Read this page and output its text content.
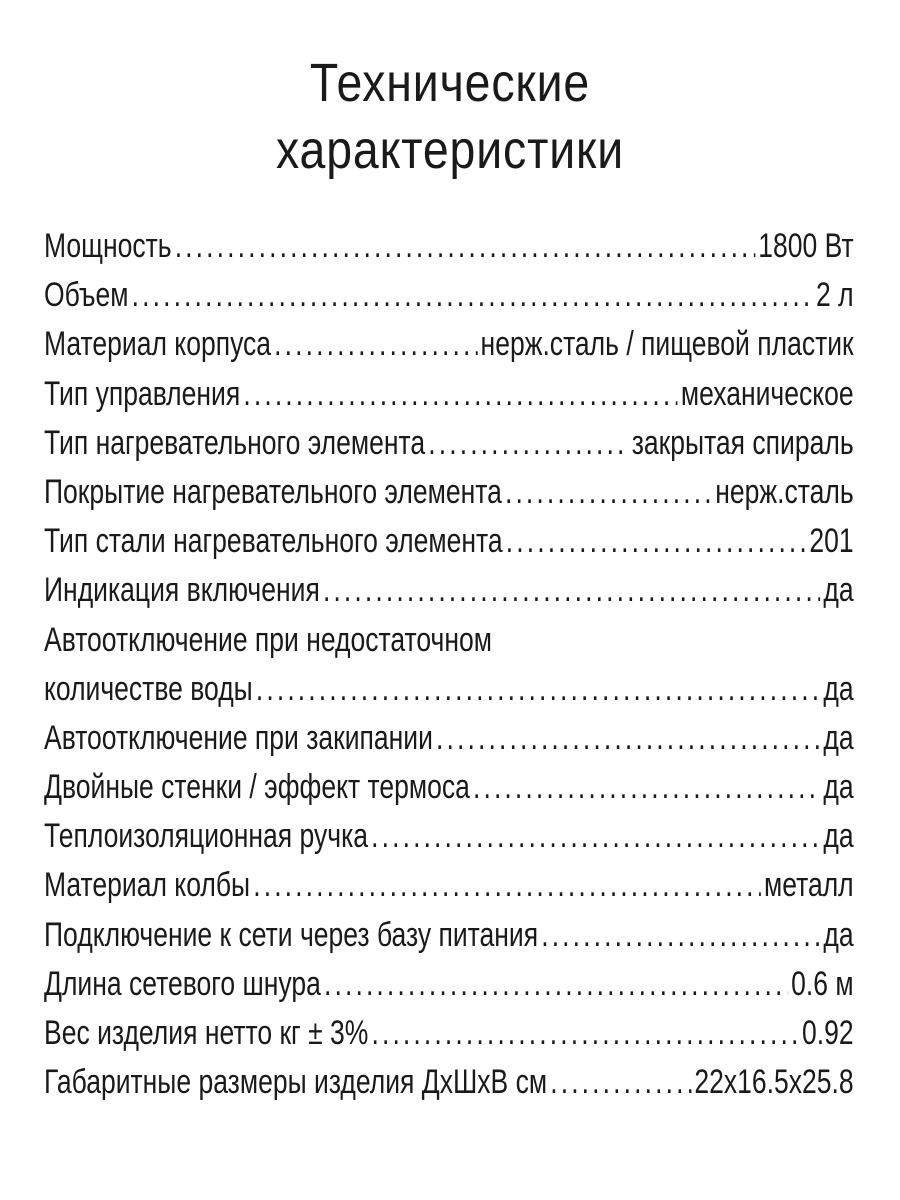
Технические
характеристики
Мощность .....	1800 Вт
Объем .....	2 л
Материал корпуса .....	нерж.сталь / пищевой пластик
Тип управления .....	механическое
Тип нагревательного элемента .....	закрытая спираль
Покрытие нагревательного элемента .....	нерж.сталь
Тип стали нагревательного элемента .....	201
Индикация включения .....	да
Автоотключение при недостаточном
количестве воды .....	да
Автоотключение при закипании .....	да
Двойные стенки / эффект термоса .....	да
Теплоизоляционная ручка .....	да
Материал колбы .....	металл
Подключение к сети через базу питания .....	да
Длина сетевого шнура .....	0.6 м
Вес изделия нетто кг ± 3% .....	0.92
Габаритные размеры изделия ДхШхВ см .....	22x16.5x25.8
